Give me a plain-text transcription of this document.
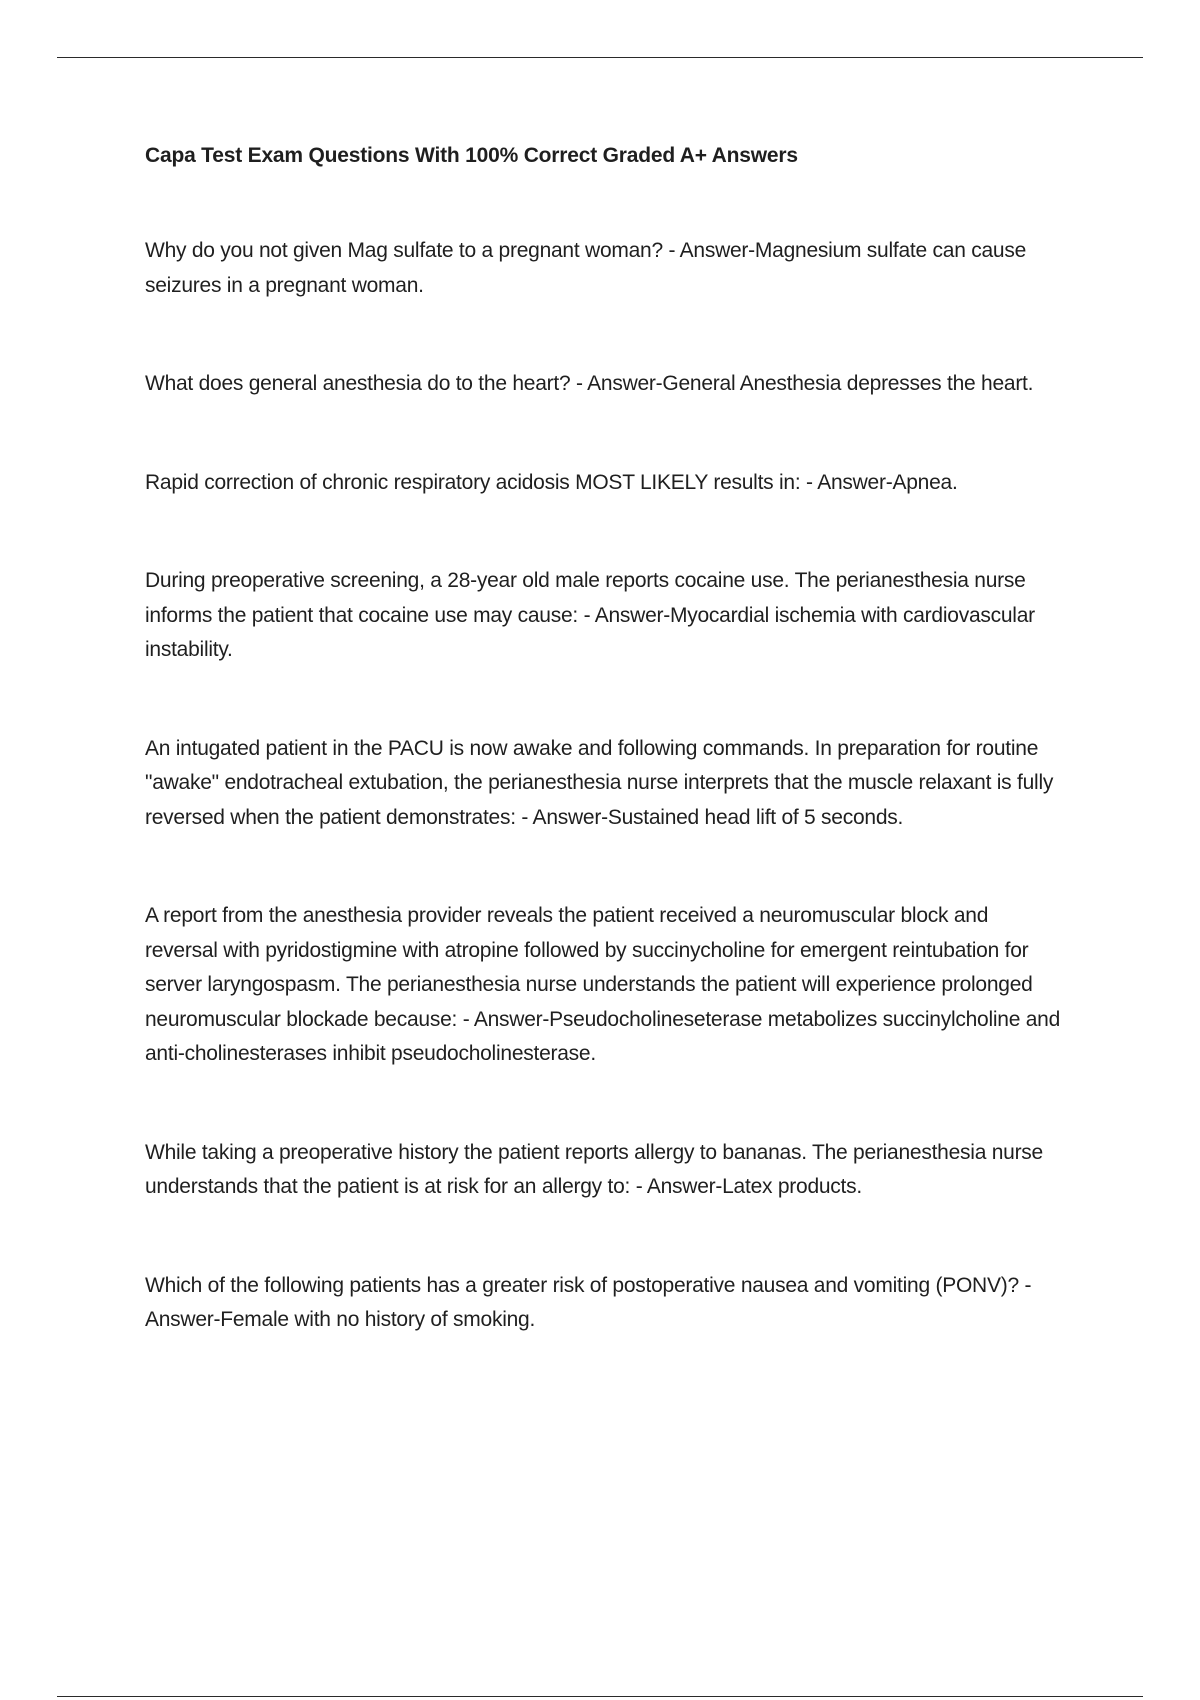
Capa Test Exam Questions With 100% Correct Graded A+ Answers

Why do you not given Mag sulfate to a pregnant woman? - Answer-Magnesium sulfate can cause seizures in a pregnant woman.

What does general anesthesia do to the heart? - Answer-General Anesthesia depresses the heart.

Rapid correction of chronic respiratory acidosis MOST LIKELY results in: - Answer-Apnea.

During preoperative screening, a 28-year old male reports cocaine use. The perianesthesia nurse informs the patient that cocaine use may cause: - Answer-Myocardial ischemia with cardiovascular instability.

An intugated patient in the PACU is now awake and following commands. In preparation for routine "awake" endotracheal extubation, the perianesthesia nurse interprets that the muscle relaxant is fully reversed when the patient demonstrates: - Answer-Sustained head lift of 5 seconds.

A report from the anesthesia provider reveals the patient received a neuromuscular block and reversal with pyridostigmine with atropine followed by succinycholine for emergent reintubation for server laryngospasm. The perianesthesia nurse understands the patient will experience prolonged neuromuscular blockade because: - Answer-Pseudocholineseterase metabolizes succinylcholine and anti-cholinesterases inhibit pseudocholinesterase.

While taking a preoperative history the patient reports allergy to bananas. The perianesthesia nurse understands that the patient is at risk for an allergy to: - Answer-Latex products.

Which of the following patients has a greater risk of postoperative nausea and vomiting (PONV)? - Answer-Female with no history of smoking.
